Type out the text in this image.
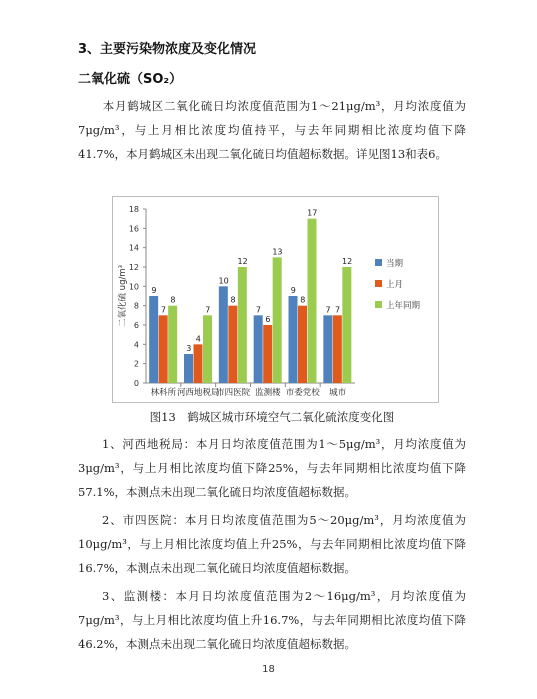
3、主要污染物浓度及变化情况
二氧化硫（SO₂）
本月鹤城区二氧化硫日均浓度值范围为1～21μg/m³，月均浓度值为7μg/m³，与上月相比浓度均值持平，与去年同期相比浓度均值下降41.7%，本月鹤城区未出现二氧化硫日均值超标数据。详见图13和表6。
0
2
4
6
8
10
12
14
16
18
二氧化硫 ug/m³	9
7
8
林科所
3
4
7
河西地税局
10
8
12
市四医院
7
6
13
监测楼
9
8
17
市委党校
7 7
12
城市
当期
上月
上年同期
图13　鹤城区城市环境空气二氧化硫浓度变化图
1、河西地税局：本月日均浓度值范围为1～5μg/m³，月均浓度值为3μg/m³，与上月相比浓度均值下降25%，与去年同期相比浓度均值下降57.1%，本测点未出现二氧化硫日均浓度值超标数据。
2、市四医院：本月日均浓度值范围为5～20μg/m³，月均浓度值为10μg/m³，与上月相比浓度均值上升25%，与去年同期相比浓度均值下降16.7%，本测点未出现二氧化硫日均浓度值超标数据。
3、监测楼：本月日均浓度值范围为2～16μg/m³，月均浓度值为7μg/m³，与上月相比浓度均值上升16.7%，与去年同期相比浓度均值下降46.2%，本测点未出现二氧化硫日均浓度值超标数据。
18
